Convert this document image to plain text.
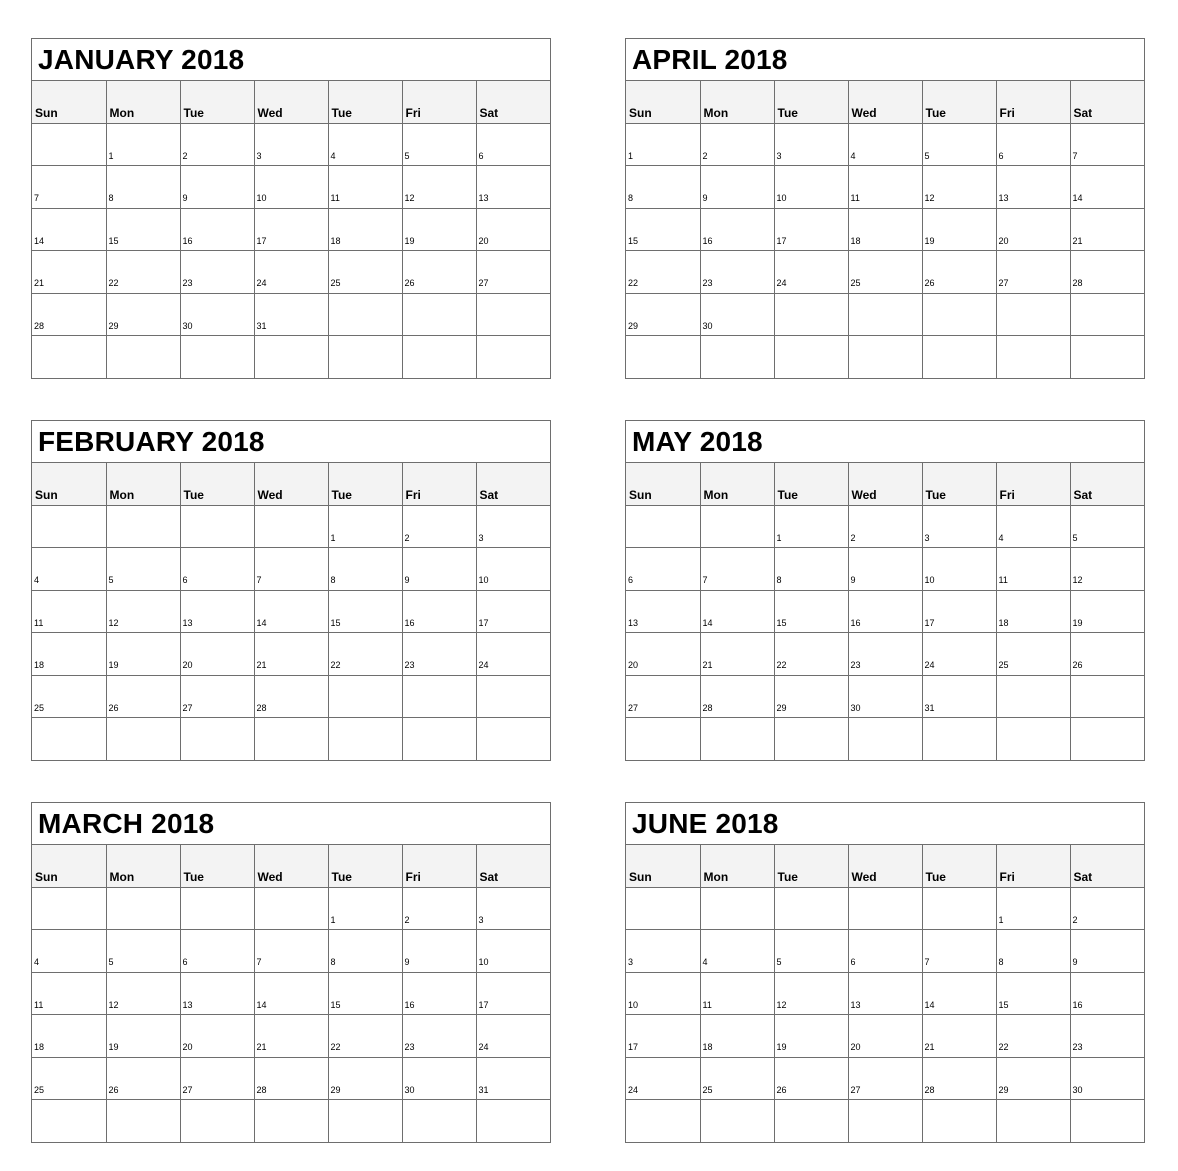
JANUARY 2018
Sun	Mon	Tue	Wed	Tue	Fri	Sat

	1	2	3	4	5	6

7	8	9	10	11	12	13

14	15	16	17	18	19	20

21	22	23	24	25	26	27

28	29	30	31			

APRIL 2018
Sun	Mon	Tue	Wed	Tue	Fri	Sat

1	2	3	4	5	6	7

8	9	10	11	12	13	14

15	16	17	18	19	20	21

22	23	24	25	26	27	28

29	30					

FEBRUARY 2018
Sun	Mon	Tue	Wed	Tue	Fri	Sat

				1	2	3

4	5	6	7	8	9	10

11	12	13	14	15	16	17

18	19	20	21	22	23	24

25	26	27	28			

MAY 2018
Sun	Mon	Tue	Wed	Tue	Fri	Sat

		1	2	3	4	5

6	7	8	9	10	11	12

13	14	15	16	17	18	19

20	21	22	23	24	25	26

27	28	29	30	31		

MARCH 2018
Sun	Mon	Tue	Wed	Tue	Fri	Sat

				1	2	3

4	5	6	7	8	9	10

11	12	13	14	15	16	17

18	19	20	21	22	23	24

25	26	27	28	29	30	31

JUNE 2018
Sun	Mon	Tue	Wed	Tue	Fri	Sat

					1	2

3	4	5	6	7	8	9

10	11	12	13	14	15	16

17	18	19	20	21	22	23

24	25	26	27	28	29	30
